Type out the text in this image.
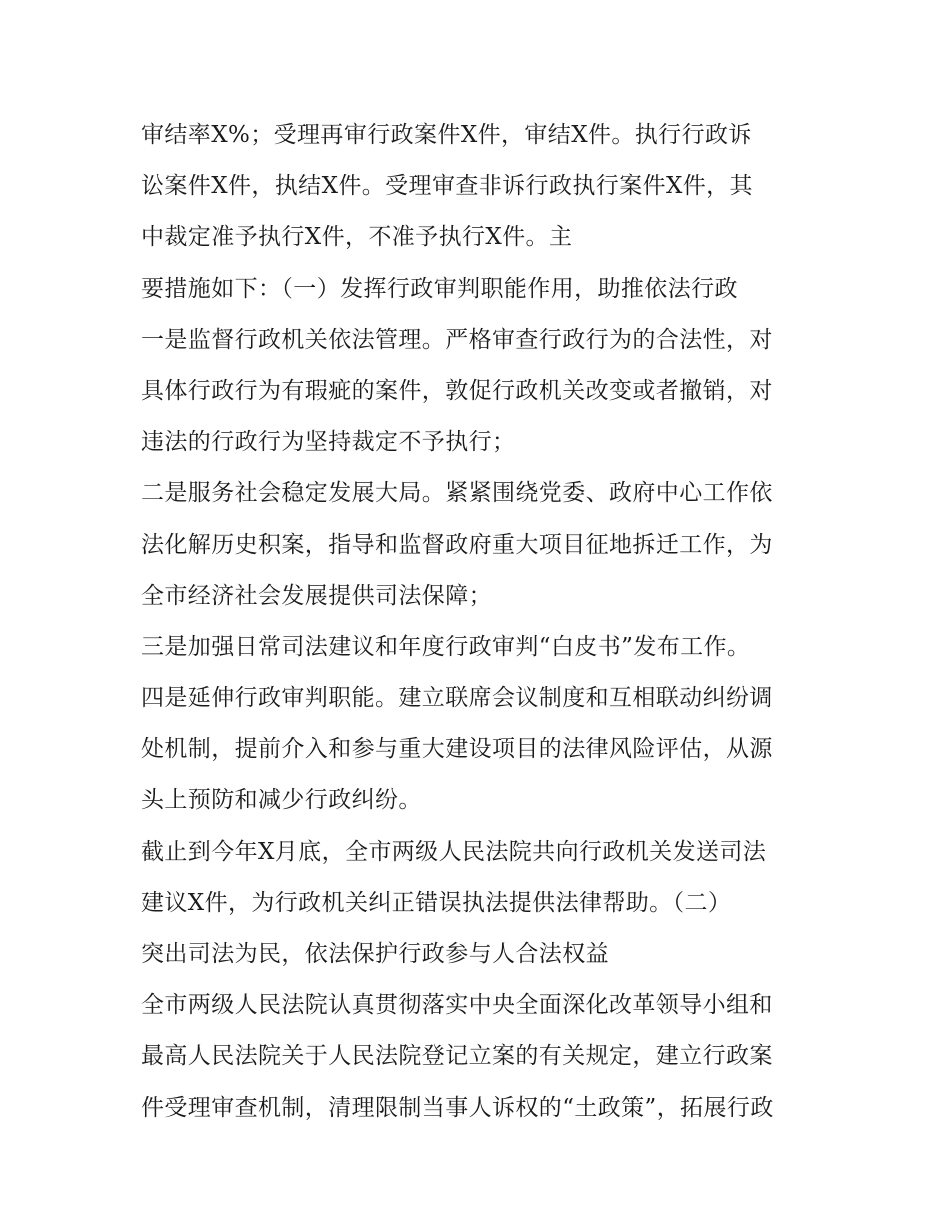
审结率X%；受理再审行政案件X件，审结X件。执行行政诉
讼案件X件，执结X件。受理审查非诉行政执行案件X件，其
中裁定准予执行X件，不准予执行X件。主
要措施如下：（一）发挥行政审判职能作用，助推依法行政
一是监督行政机关依法管理。严格审查行政行为的合法性，对
具体行政行为有瑕疵的案件，敦促行政机关改变或者撤销，对
违法的行政行为坚持裁定不予执行；
二是服务社会稳定发展大局。紧紧围绕党委、政府中心工作依
法化解历史积案，指导和监督政府重大项目征地拆迁工作，为
全市经济社会发展提供司法保障；
三是加强日常司法建议和年度行政审判“白皮书”发布工作。
四是延伸行政审判职能。建立联席会议制度和互相联动纠纷调
处机制，提前介入和参与重大建设项目的法律风险评估，从源
头上预防和减少行政纠纷。
截止到今年X月底，全市两级人民法院共向行政机关发送司法
建议X件，为行政机关纠正错误执法提供法律帮助。（二）
突出司法为民，依法保护行政参与人合法权益
全市两级人民法院认真贯彻落实中央全面深化改革领导小组和
最高人民法院关于人民法院登记立案的有关规定，建立行政案
件受理审查机制，清理限制当事人诉权的“土政策”，拓展行政
